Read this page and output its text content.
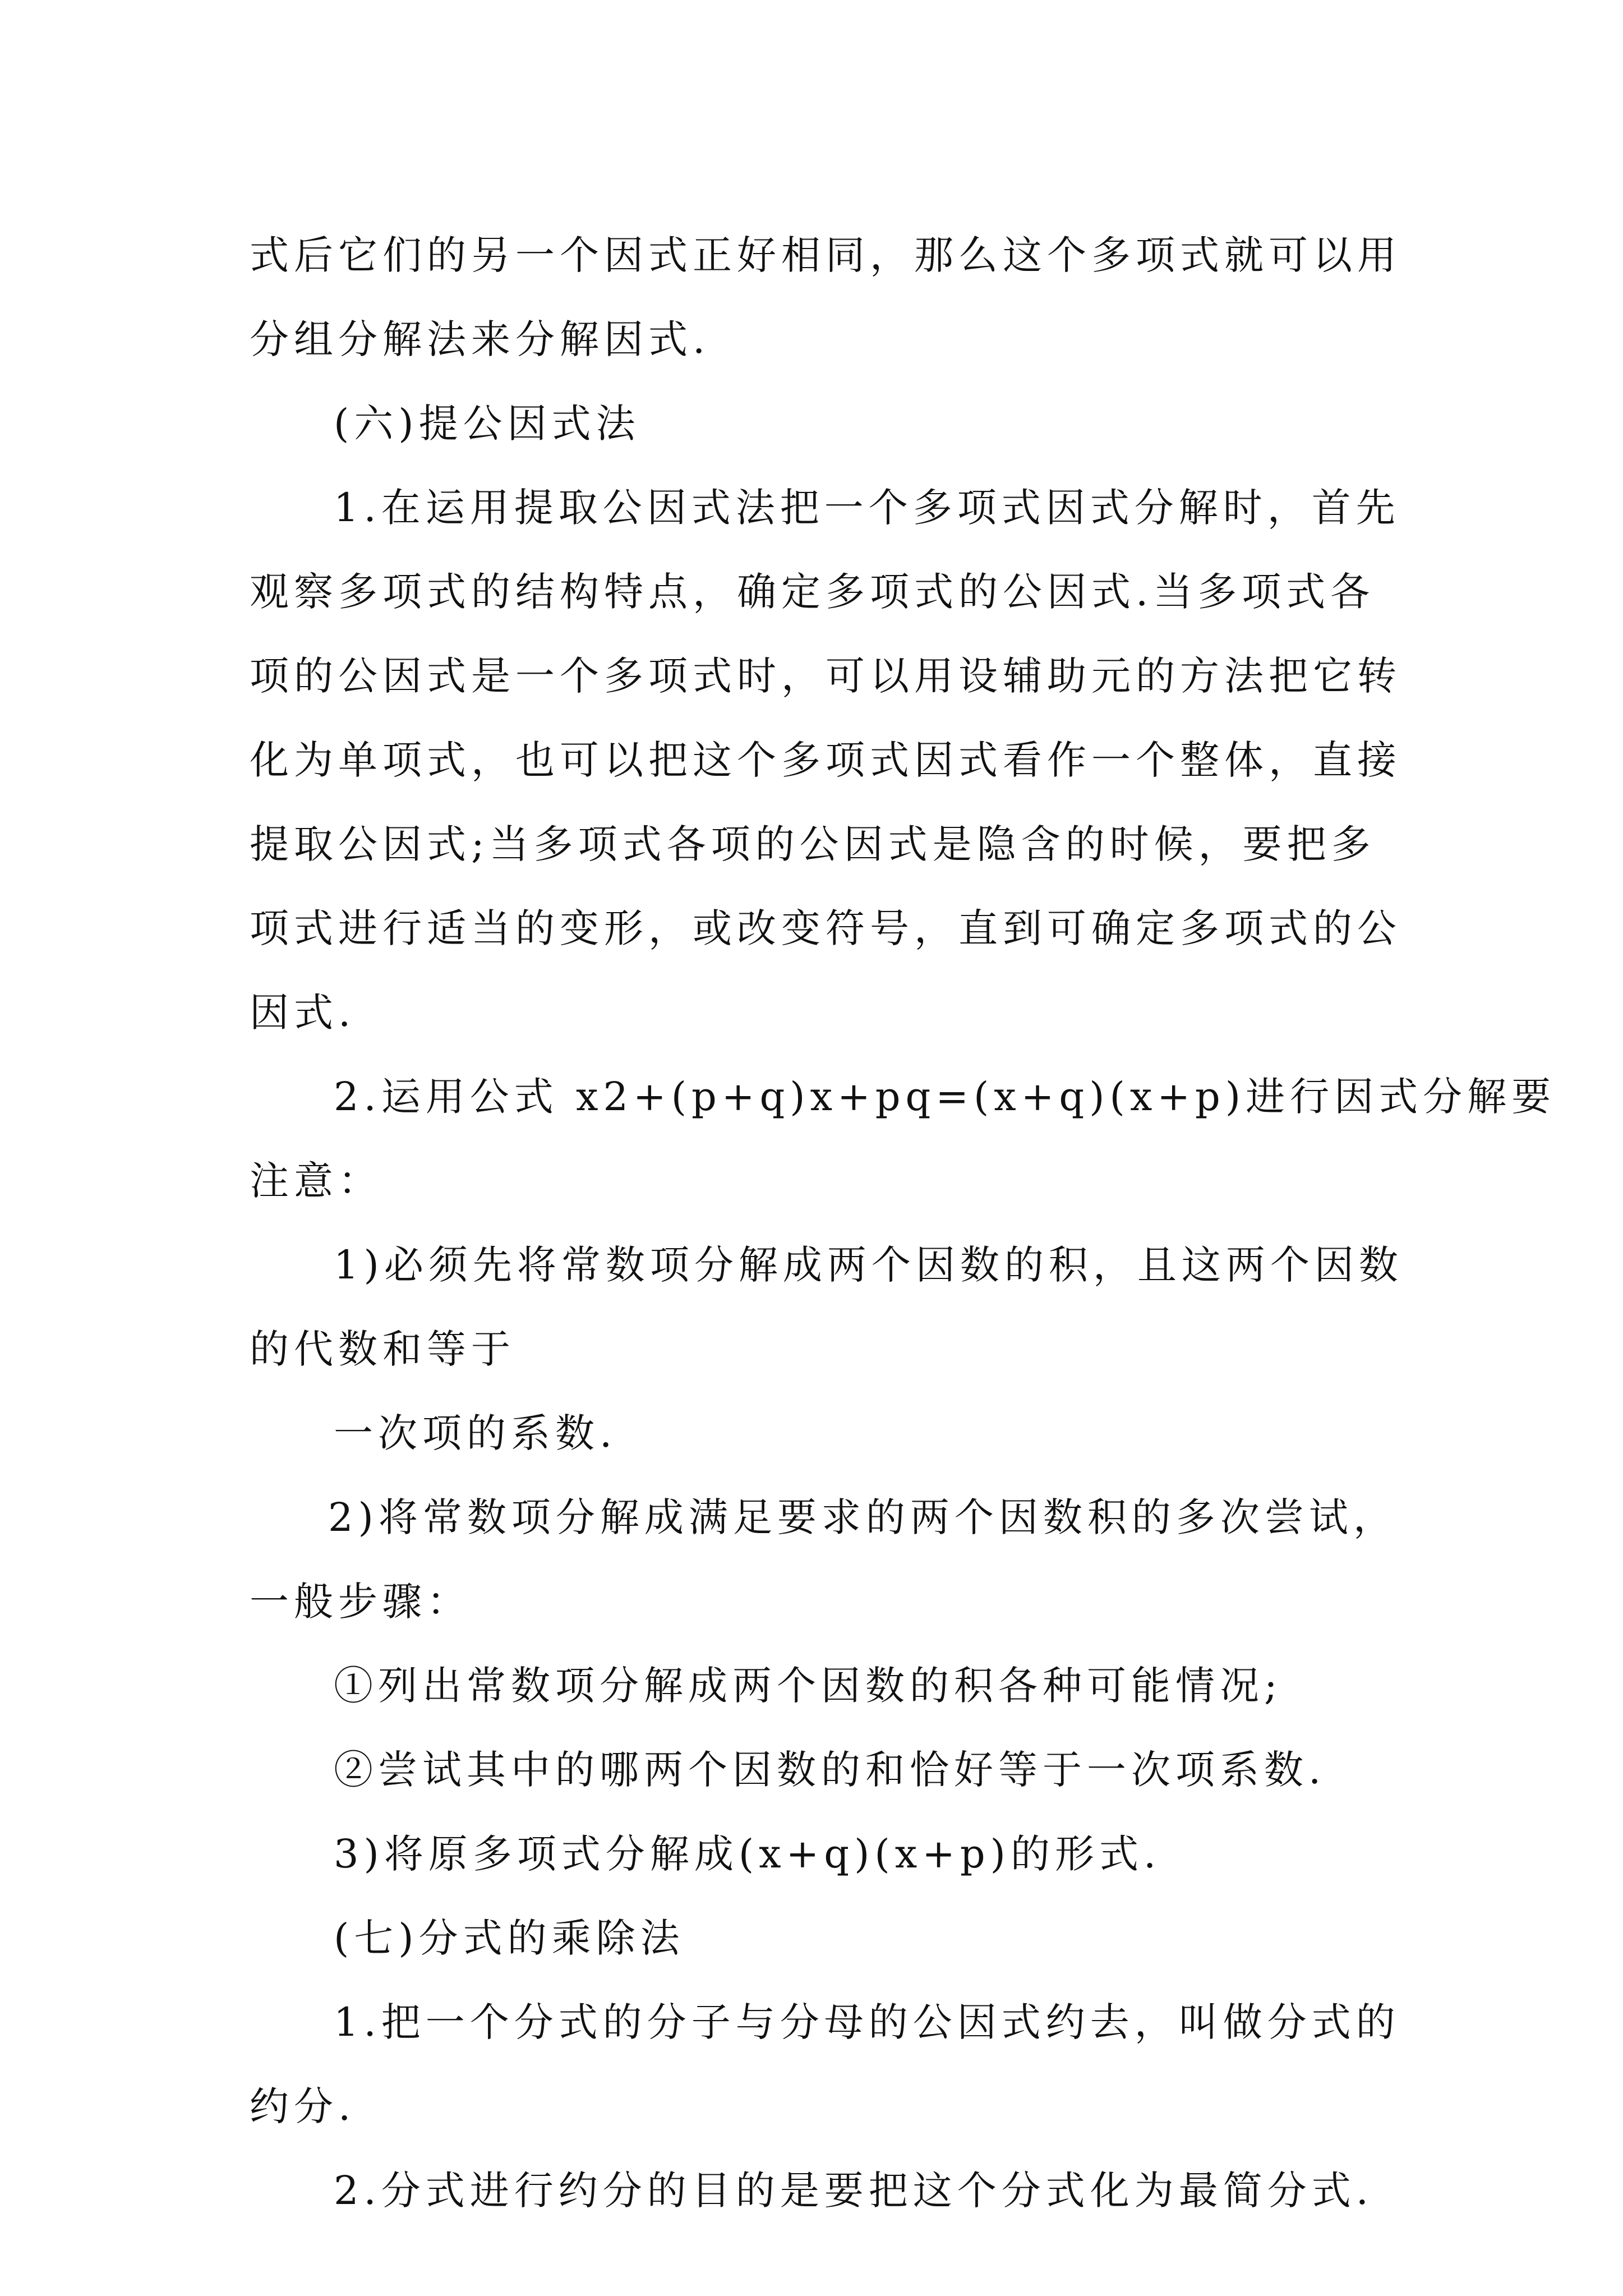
式后它们的另一个因式正好相同，那么这个多项式就可以用
分组分解法来分解因式.
(六)提公因式法
1.在运用提取公因式法把一个多项式因式分解时，首先
观察多项式的结构特点，确定多项式的公因式.当多项式各
项的公因式是一个多项式时，可以用设辅助元的方法把它转
化为单项式，也可以把这个多项式因式看作一个整体，直接
提取公因式;当多项式各项的公因式是隐含的时候，要把多
项式进行适当的变形，或改变符号，直到可确定多项式的公
因式.
2.运用公式 x2+(p+q)x+pq=(x+q)(x+p)进行因式分解要
注意：
1)必须先将常数项分解成两个因数的积，且这两个因数
的代数和等于
一次项的系数.
2)将常数项分解成满足要求的两个因数积的多次尝试，
一般步骤：
①列出常数项分解成两个因数的积各种可能情况;
②尝试其中的哪两个因数的和恰好等于一次项系数.
3)将原多项式分解成(x+q)(x+p)的形式.
(七)分式的乘除法
1.把一个分式的分子与分母的公因式约去，叫做分式的
约分.
2.分式进行约分的目的是要把这个分式化为最简分式.
